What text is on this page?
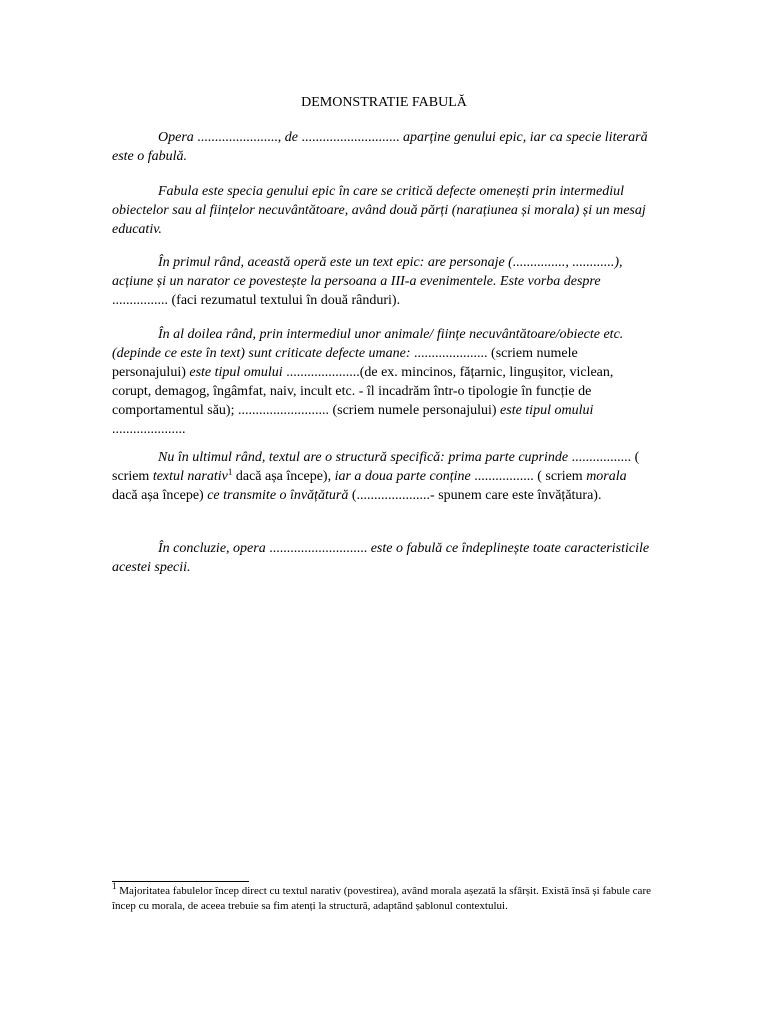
DEMONSTRATIE FABULĂ

Opera ......................., de ............................ aparține genului epic, iar ca specie literară este o fabulă.

Fabula este specia genului epic în care se critică defecte omenești prin intermediul obiectelor sau al ființelor necuvântătoare, având două părți (narațiunea și morala) și un mesaj educativ.

În primul rând, această operă este un text epic: are personaje (..............., ............), acțiune și un narator ce povestește la persoana a III-a evenimentele. Este vorba despre ................ (faci rezumatul textului în două rânduri).

În al doilea rând, prin intermediul unor animale/ ființe necuvântătoare/obiecte etc. (depinde ce este în text) sunt criticate defecte umane: ..................... (scriem numele personajului) este tipul omului .....................(de ex. mincinos, fățarnic, lingușitor, viclean, corupt, demagog, îngâmfat, naiv, incult etc. - îl incadrăm într-o tipologie în funcție de comportamentul său); .......................... (scriem numele personajului) este tipul omului .....................

Nu în ultimul rând, textul are o structură specifică: prima parte cuprinde ................. ( scriem textul narativ$^1$ dacă așa începe), iar a doua parte conține ................. ( scriem morala dacă așa începe) ce transmite o învățătură (.....................- spunem care este învățătura).

În concluzie, opera ............................ este o fabulă ce îndeplinește toate caracteristicile acestei specii.

$^1$ Majoritatea fabulelor încep direct cu textul narativ (povestirea), având morala așezată la sfârșit. Există însă și fabule care încep cu morala, de aceea trebuie sa fim atenți la structură, adaptând șablonul contextului.
